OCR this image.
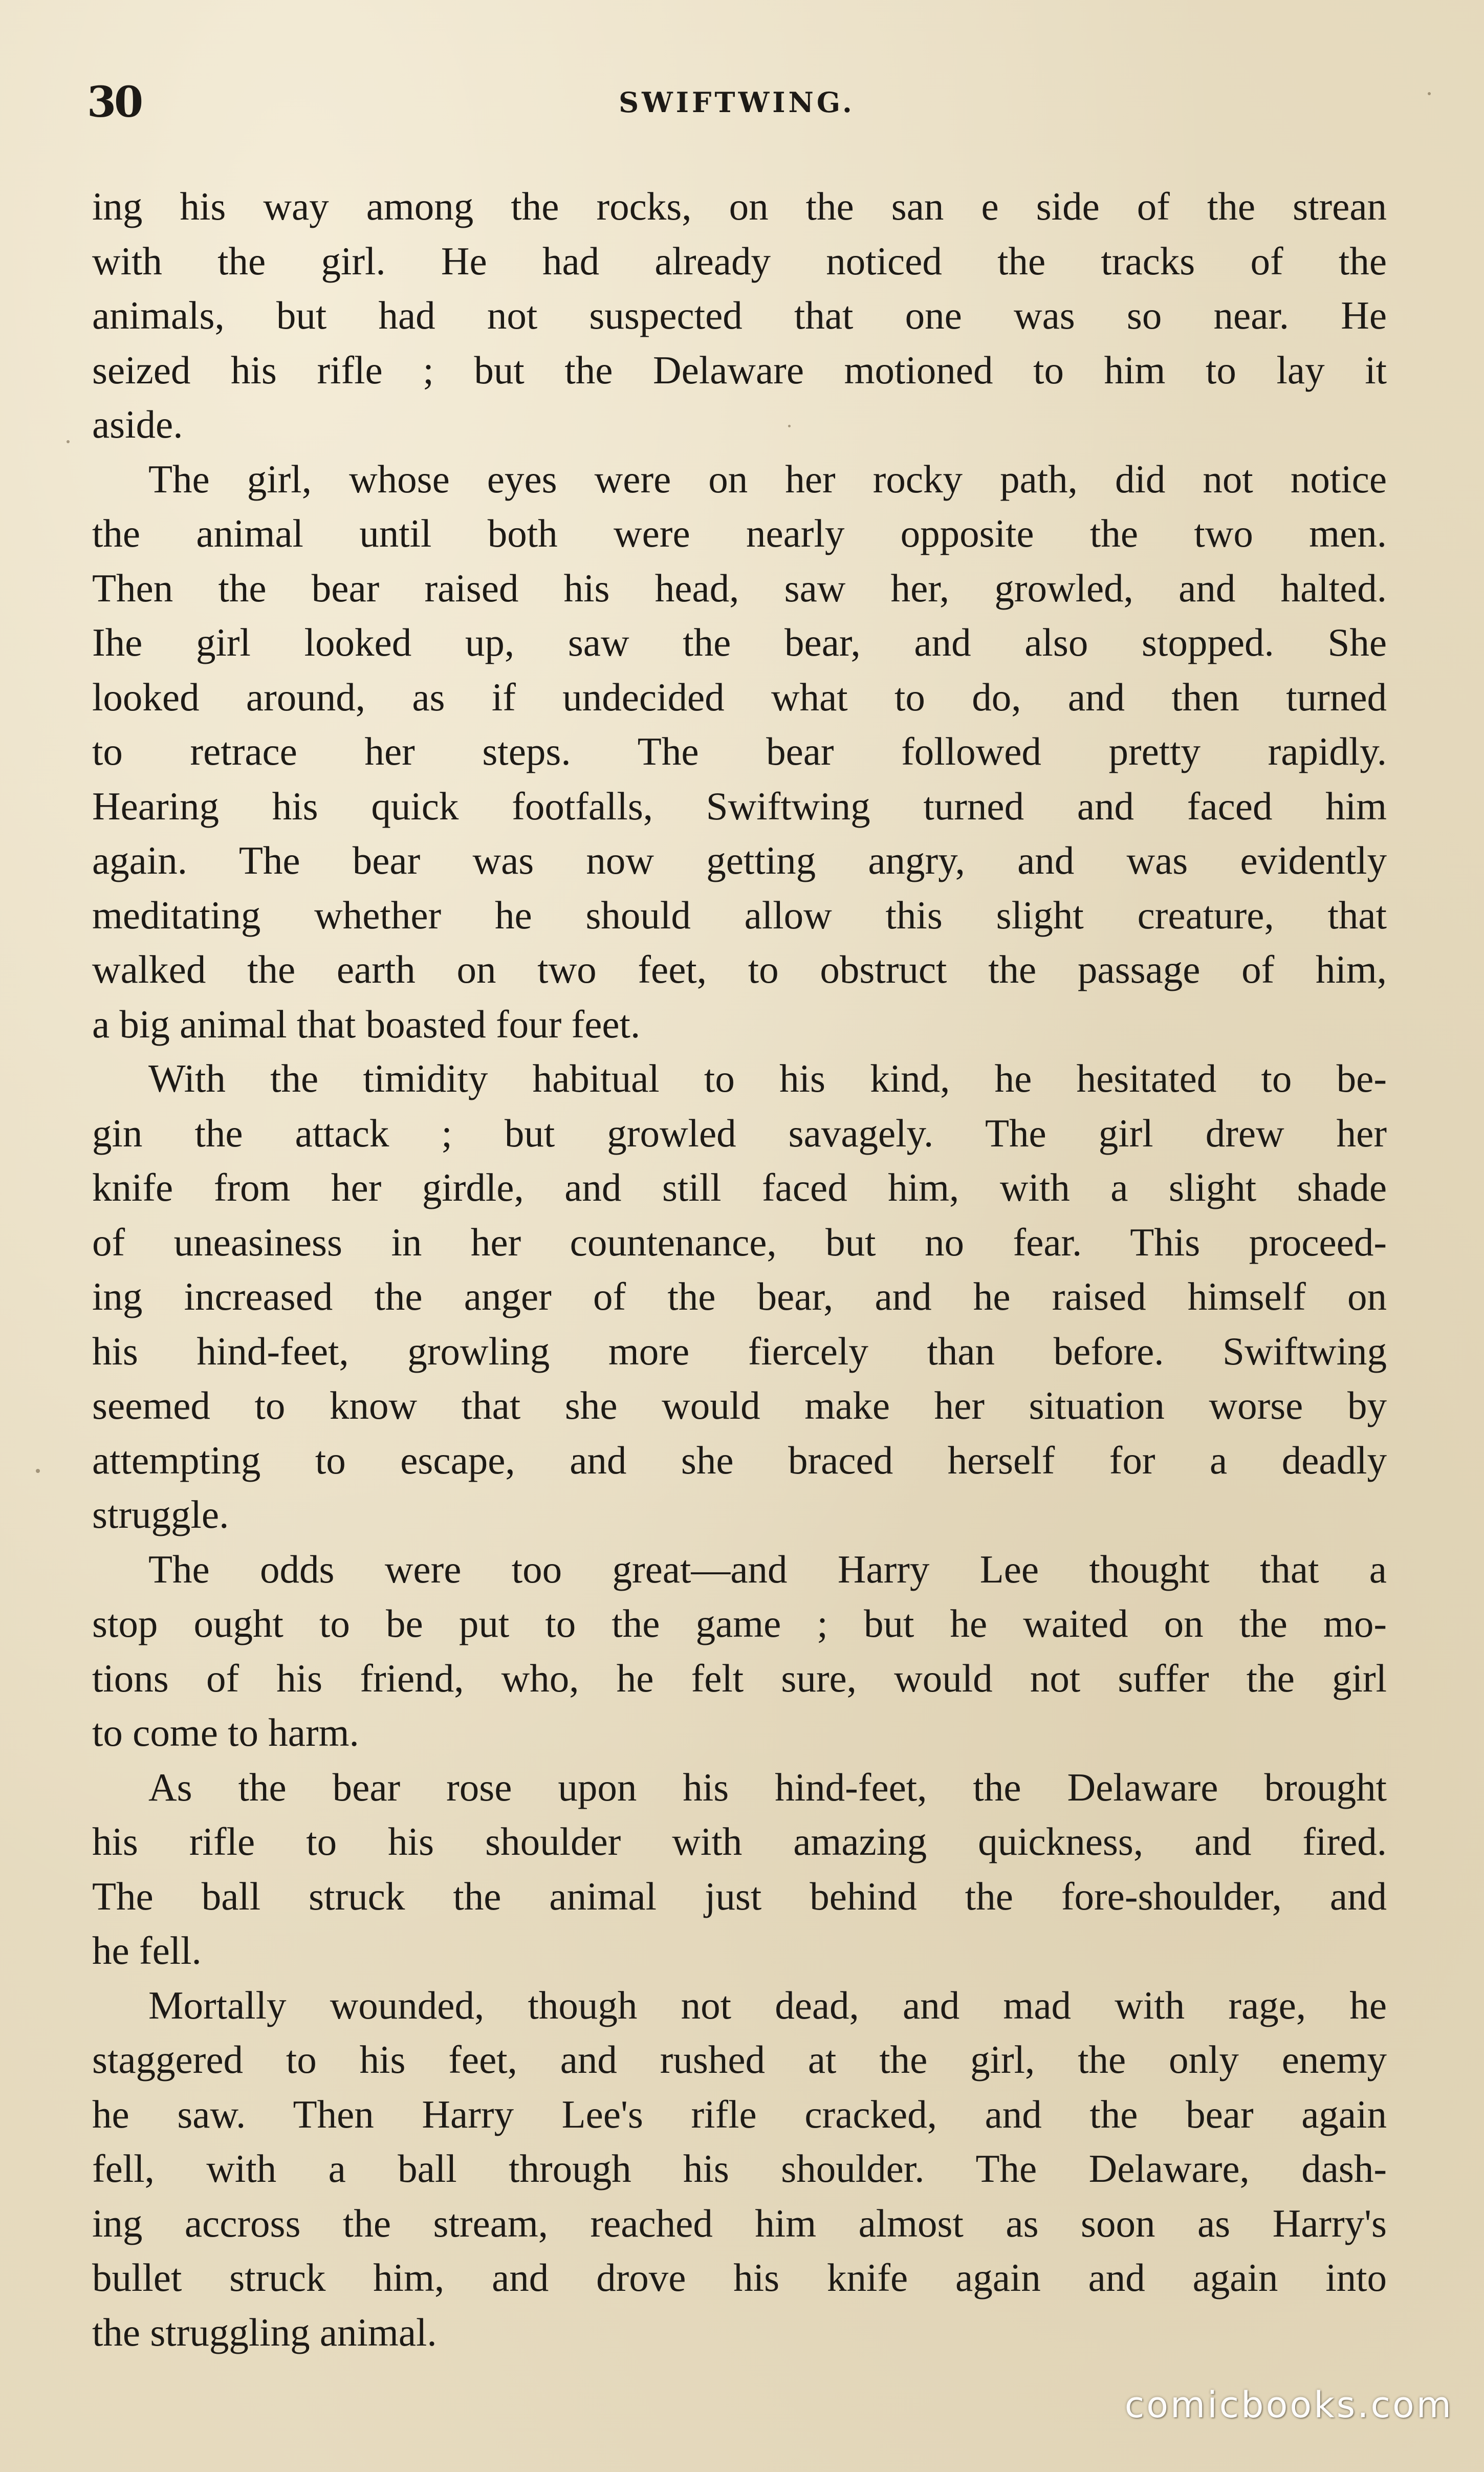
30	SWIFTWING.
ing his way among the rocks, on the san e side of the strean
with the girl. He had already noticed the tracks of the
animals, but had not suspected that one was so near. He
seized his rifle ; but the Delaware motioned to him to lay it
aside.
The girl, whose eyes were on her rocky path, did not notice
the animal until both were nearly opposite the two men.
Then the bear raised his head, saw her, growled, and halted.
Ihe girl looked up, saw the bear, and also stopped. She
looked around, as if undecided what to do, and then turned
to retrace her steps. The bear followed pretty rapidly.
Hearing his quick footfalls, Swiftwing turned and faced him
again. The bear was now getting angry, and was evidently
meditating whether he should allow this slight creature, that
walked the earth on two feet, to obstruct the passage of him,
a big animal that boasted four feet.
With the timidity habitual to his kind, he hesitated to be-
gin the attack ; but growled savagely. The girl drew her
knife from her girdle, and still faced him, with a slight shade
of uneasiness in her countenance, but no fear. This proceed-
ing increased the anger of the bear, and he raised himself on
his hind-feet, growling more fiercely than before. Swiftwing
seemed to know that she would make her situation worse by
attempting to escape, and she braced herself for a deadly
struggle.
The odds were too great—and Harry Lee thought that a
stop ought to be put to the game ; but he waited on the mo-
tions of his friend, who, he felt sure, would not suffer the girl
to come to harm.
As the bear rose upon his hind-feet, the Delaware brought
his rifle to his shoulder with amazing quickness, and fired.
The ball struck the animal just behind the fore-shoulder, and
he fell.
Mortally wounded, though not dead, and mad with rage, he
staggered to his feet, and rushed at the girl, the only enemy
he saw. Then Harry Lee's rifle cracked, and the bear again
fell, with a ball through his shoulder. The Delaware, dash-
ing accross the stream, reached him almost as soon as Harry's
bullet struck him, and drove his knife again and again into
the struggling animal.
comicbooks.com
